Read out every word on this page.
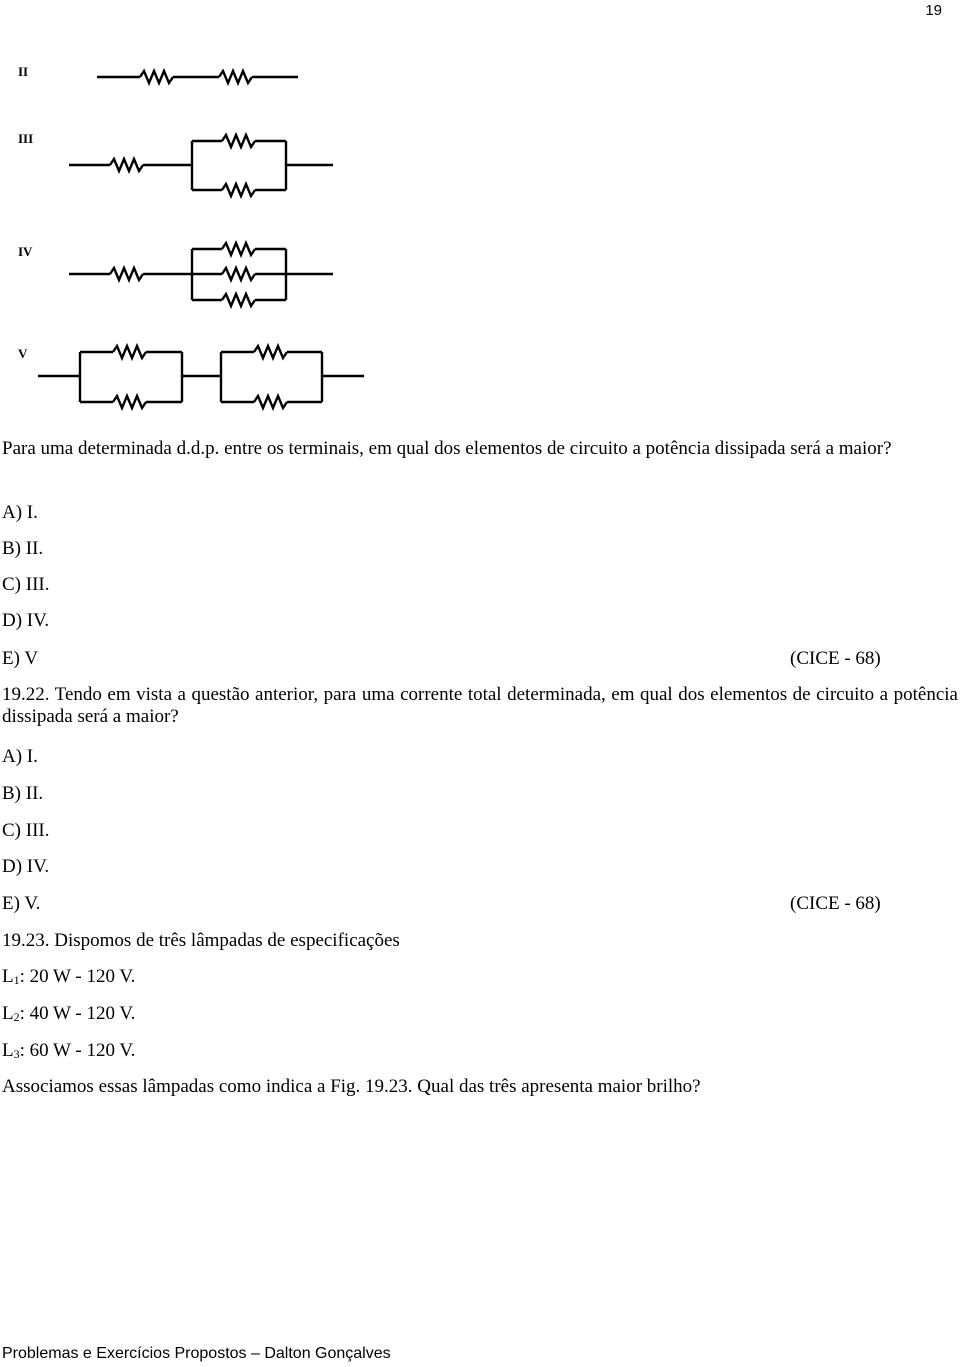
19
II
III
IV
V
Para uma determinada d.d.p. entre os terminais, em qual dos elementos de circuito a potência dissipada será a maior?
A) I.
B) II.
C) III.
D) IV.
E) V	(CICE - 68)
19.22. Tendo em vista a questão anterior, para uma corrente total determinada, em qual dos elementos de circuito a potência dissipada será a maior?
A) I.
B) II.
C) III.
D) IV.
E) V.	(CICE - 68)
19.23. Dispomos de três lâmpadas de especificações
$L_1$: 20 W - 120 V.
$L_2$: 40 W - 120 V.
$L_3$: 60 W - 120 V.
Associamos essas lâmpadas como indica a Fig. 19.23. Qual das três apresenta maior brilho?
Problemas e Exercícios Propostos – Dalton Gonçalves
